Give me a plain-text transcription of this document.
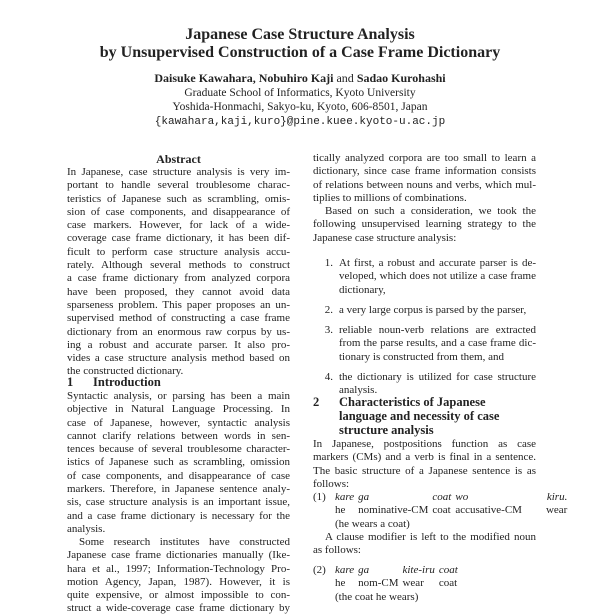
Japanese Case Structure Analysis
by Unsupervised Construction of a Case Frame Dictionary
Daisuke Kawahara, Nobuhiro Kaji and Sadao Kurohashi
Graduate School of Informatics, Kyoto University
Yoshida-Honmachi, Sakyo-ku, Kyoto, 606-8501, Japan
{kawahara,kaji,kuro}@pine.kuee.kyoto-u.ac.jp
Abstract
In Japanese, case structure analysis is very im-
portant to handle several troublesome charac-
teristics of Japanese such as scrambling, omis-
sion of case components, and disappearance of
case markers. However, for lack of a wide-
coverage case frame dictionary, it has been dif-
ficult to perform case structure analysis accu-
rately. Although several methods to construct
a case frame dictionary from analyzed corpora
have been proposed, they cannot avoid data
sparseness problem. This paper proposes an un-
supervised method of constructing a case frame
dictionary from an enormous raw corpus by us-
ing a robust and accurate parser. It also pro-
vides a case structure analysis method based on
the constructed dictionary.
1	Introduction
Syntactic analysis, or parsing has been a main
objective in Natural Language Processing. In
case of Japanese, however, syntactic analysis
cannot clarify relations between words in sen-
tences because of several troublesome character-
istics of Japanese such as scrambling, omission
of case components, and disappearance of case
markers. Therefore, in Japanese sentence analy-
sis, case structure analysis is an important issue,
and a case frame dictionary is necessary for the
analysis.
Some research institutes have constructed
Japanese case frame dictionaries manually (Ike-
hara et al., 1997; Information-Technology Pro-
motion Agency, Japan, 1987). However, it is
quite expensive, or almost impossible to con-
struct a wide-coverage case frame dictionary by
tically analyzed corpora are too small to learn a
dictionary, since case frame information consists
of relations between nouns and verbs, which mul-
tiplies to millions of combinations.
Based on such a consideration, we took the
following unsupervised learning strategy to the
Japanese case structure analysis:
1. At first, a robust and accurate parser is de-
veloped, which does not utilize a case frame
dictionary,
2. a very large corpus is parsed by the parser,
3. reliable noun-verb relations are extracted
from the parse results, and a case frame dic-
tionary is constructed from them, and
4. the dictionary is utilized for case structure
analysis.
2	Characteristics of Japanese
language and necessity of case
structure analysis
In Japanese, postpositions function as case
markers (CMs) and a verb is final in a sentence.
The basic structure of a Japanese sentence is as
follows:
(1) kare	ga	coat	wo	kiru.
he	nominative-CM	coat	accusative-CM	wear
(he wears a coat)
A clause modifier is left to the modified noun
as follows:
(2) kare	ga	kite-iru	coat
he	nom-CM	wear	coat
(the coat he wears)
